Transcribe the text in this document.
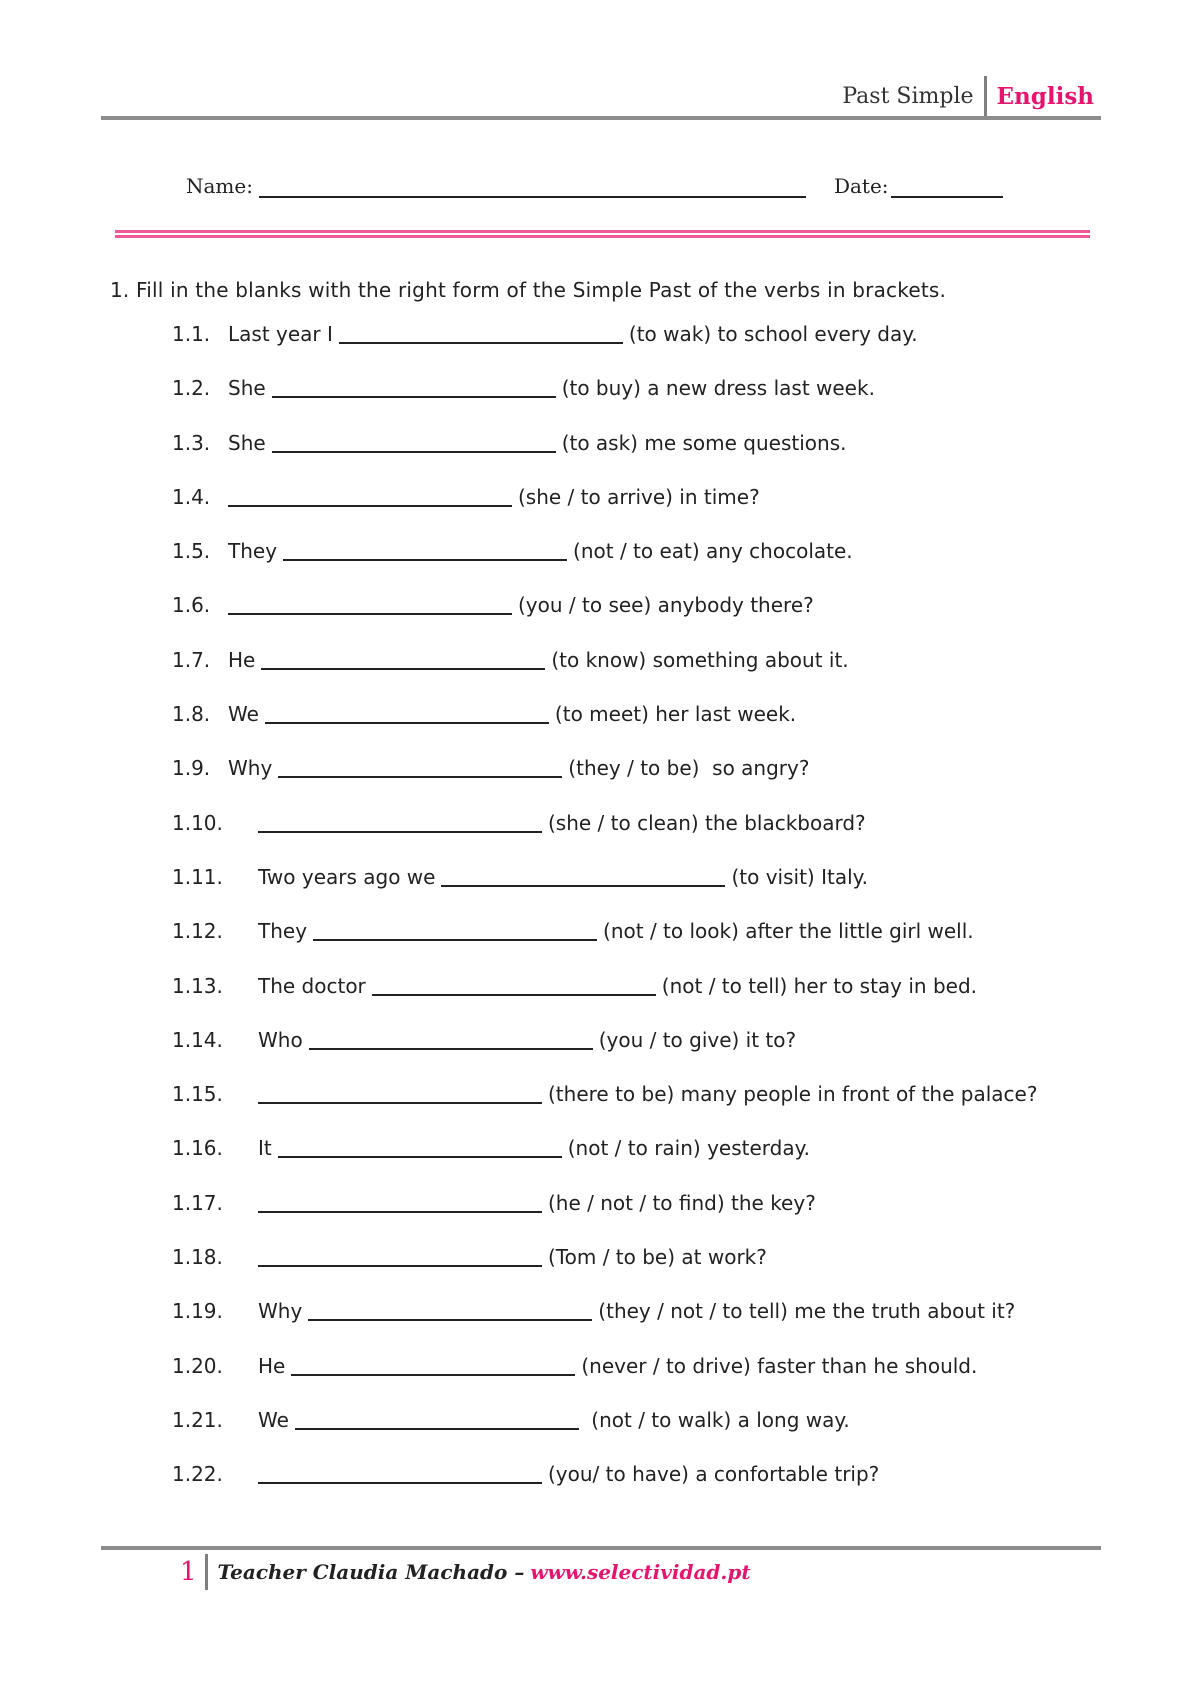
Past Simple	English
Name:	Date:
1. Fill in the blanks with the right form of the Simple Past of the verbs in brackets.
1.1. Last year I	(to wak) to school every day.
1.2. She	(to buy) a new dress last week.
1.3. She	(to ask) me some questions.
1.4.	(she / to arrive) in time?
1.5. They	(not / to eat) any chocolate.
1.6.	(you / to see) anybody there?
1.7. He	(to know) something about it.
1.8. We	(to meet) her last week.
1.9. Why	(they / to be)  so angry?
1.10.	(she / to clean) the blackboard?
1.11.	Two years ago we	(to visit) Italy.
1.12.	They	(not / to look) after the little girl well.
1.13.	The doctor	(not / to tell) her to stay in bed.
1.14.	Who	(you / to give) it to?
1.15.	(there to be) many people in front of the palace?
1.16.	It	(not / to rain) yesterday.
1.17.	(he / not / to find) the key?
1.18.	(Tom / to be) at work?
1.19.	Why	(they / not / to tell) me the truth about it?
1.20.	He	(never / to drive) faster than he should.
1.21.	We	(not / to walk) a long way.
1.22.	(you/ to have) a confortable trip?
1	Teacher Claudia Machado – www.selectividad.pt
